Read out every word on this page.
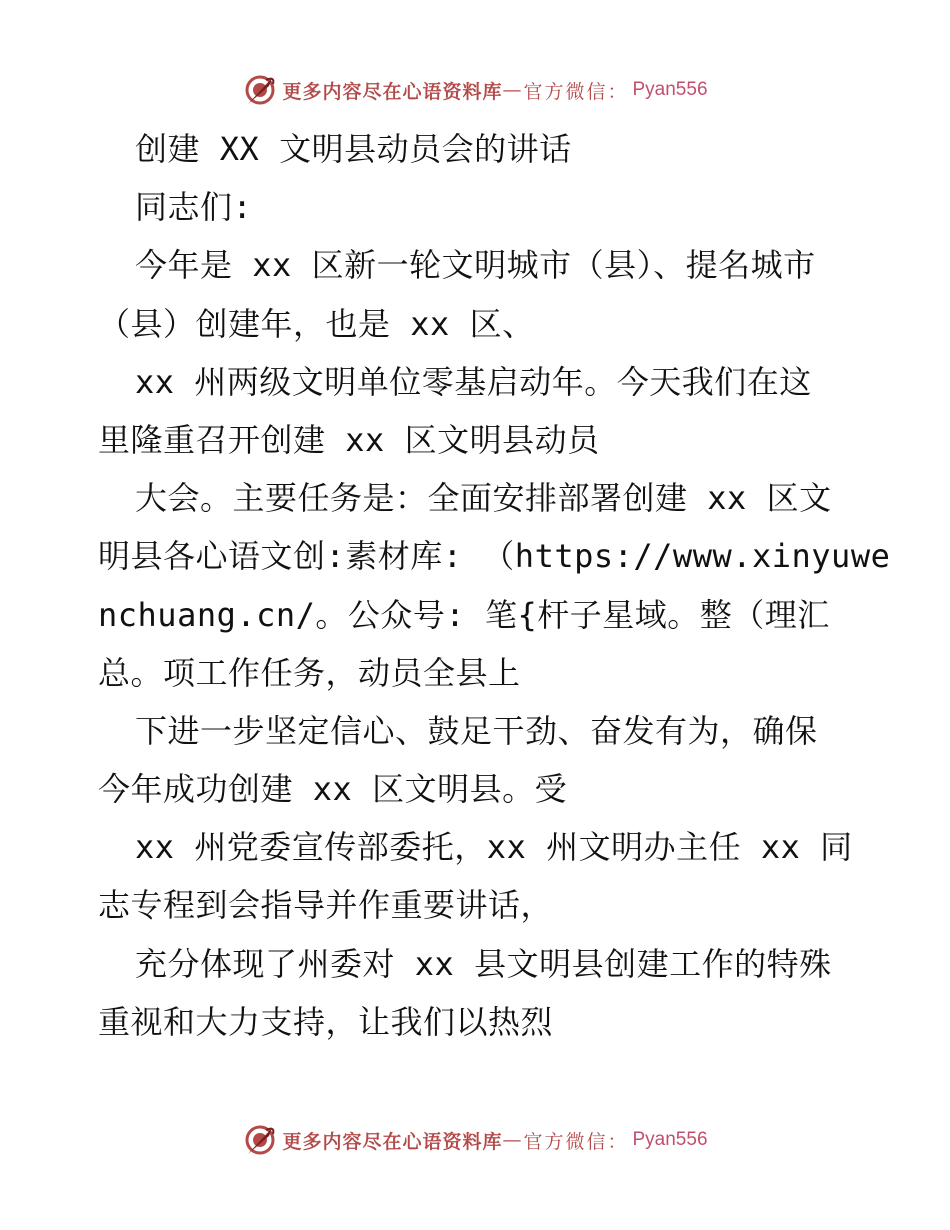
更多内容尽在心语资料库 — 官方微信： Pyan556
创建 XX 文明县动员会的讲话
同志们:
今年是 xx 区新一轮文明城市（县）、提名城市
（县）创建年，也是 xx 区、
xx 州两级文明单位零基启动年。今天我们在这
里隆重召开创建 xx 区文明县动员
大会。主要任务是：全面安排部署创建 xx 区文
明县各心语文创:素材库: （https://www.xinyuwe
nchuang.cn/。公众号: 笔{杆子星域。整（理汇
总。项工作任务，动员全县上
下进一步坚定信心、鼓足干劲、奋发有为，确保
今年成功创建 xx 区文明县。受
xx 州党委宣传部委托，xx 州文明办主任 xx 同
志专程到会指导并作重要讲话，
充分体现了州委对 xx 县文明县创建工作的特殊
重视和大力支持，让我们以热烈
更多内容尽在心语资料库 — 官方微信： Pyan556
